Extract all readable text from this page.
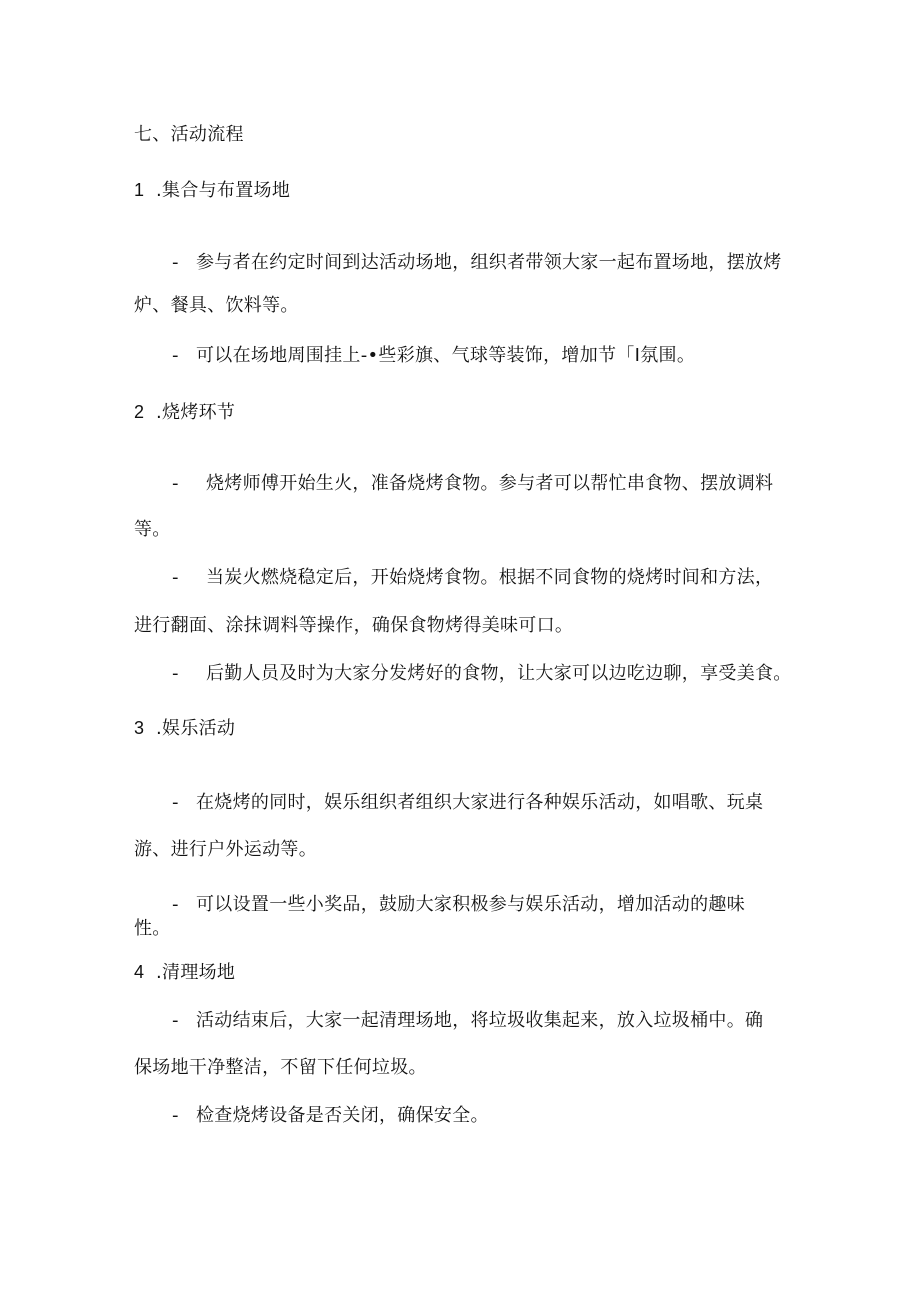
七、活动流程
1 .集合与布置场地
- 参与者在约定时间到达活动场地，组织者带领大家一起布置场地，摆放烤
炉、餐具、饮料等。
- 可以在场地周围挂上-•些彩旗、气球等装饰，增加节「I氛围。
2 .烧烤环节
- 烧烤师傅开始生火，准备烧烤食物。参与者可以帮忙串食物、摆放调料
等。
- 当炭火燃烧稳定后，开始烧烤食物。根据不同食物的烧烤时间和方法，
进行翻面、涂抹调料等操作，确保食物烤得美味可口。
- 后勤人员及时为大家分发烤好的食物，让大家可以边吃边聊，享受美食。
3 .娱乐活动
- 在烧烤的同时，娱乐组织者组织大家进行各种娱乐活动，如唱歌、玩桌
游、进行户外运动等。
- 可以设置一些小奖品，鼓励大家积极参与娱乐活动，增加活动的趣味
性。
4 .清理场地
- 活动结束后，大家一起清理场地，将垃圾收集起来，放入垃圾桶中。确
保场地干净整洁，不留下任何垃圾。
- 检查烧烤设备是否关闭，确保安全。
